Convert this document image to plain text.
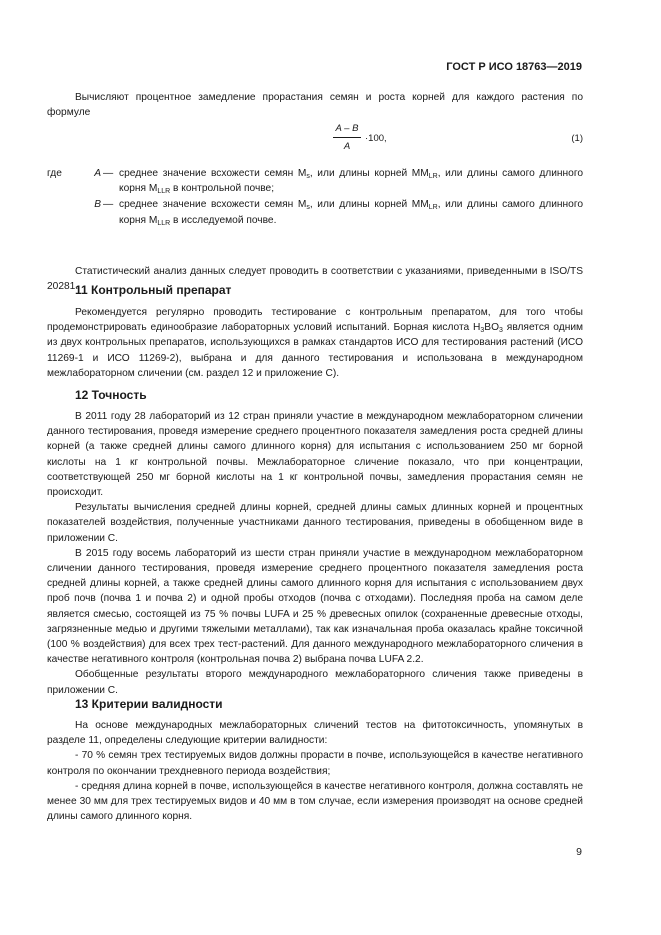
ГОСТ Р ИСО 18763—2019

Вычисляют процентное замедление прорастания семян и роста корней для каждого растения по формуле

$\frac{A - B}{A} \cdot 100$,	(1)
где	A — среднее значение всхожести семян $M_s$, или длины корней $MM_{LR}$, или длины самого длинного корня $M_{LLR}$ в контрольной почве;

B — среднее значение всхожести семян $M_s$, или длины корней $MM_{LR}$, или длины самого длинного корня $M_{LLR}$ в исследуемой почве.

Статистический анализ данных следует проводить в соответствии с указаниями, приведенными в ISO/TS 20281.

11 Контрольный препарат

Рекомендуется регулярно проводить тестирование с контрольным препаратом, для того чтобы продемонстрировать единообразие лабораторных условий испытаний. Борная кислота $H_3BO_3$ является одним из двух контрольных препаратов, использующихся в рамках стандартов ИСО для тестирования растений (ИСО 11269-1 и ИСО 11269-2), выбрана и для данного тестирования и использована в международном межлабораторном сличении (см. раздел 12 и приложение С).

12 Точность

В 2011 году 28 лабораторий из 12 стран приняли участие в международном межлабораторном сличении данного тестирования, проведя измерение среднего процентного показателя замедления роста средней длины корней (а также средней длины самого длинного корня) для испытания с использованием 250 мг борной кислоты на 1 кг контрольной почвы. Межлабораторное сличение показало, что при концентрации, соответствующей 250 мг борной кислоты на 1 кг контрольной почвы, замедления прорастания семян не происходит.

Результаты вычисления средней длины корней, средней длины самых длинных корней и процентных показателей воздействия, полученные участниками данного тестирования, приведены в обобщенном виде в приложении С.

В 2015 году восемь лабораторий из шести стран приняли участие в международном межлабораторном сличении данного тестирования, проведя измерение среднего процентного показателя замедления роста средней длины корней, а также средней длины самого длинного корня для испытания с использованием двух проб почв (почва 1 и почва 2) и одной пробы отходов (почва с отходами). Последняя проба на самом деле является смесью, состоящей из 75 % почвы LUFA и 25 % древесных опилок (сохраненные древесные отходы, загрязненные медью и другими тяжелыми металлами), так как изначальная проба оказалась крайне токсичной (100 % воздействия) для всех трех тест-растений. Для данного международного межлабораторного сличения в качестве негативного контроля (контрольная почва 2) выбрана почва LUFA 2.2.

Обобщенные результаты второго международного межлабораторного сличения также приведены в приложении С.

13 Критерии валидности

На основе международных межлабораторных сличений тестов на фитотоксичность, упомянутых в разделе 11, определены следующие критерии валидности:

- 70 % семян трех тестируемых видов должны прорасти в почве, использующейся в качестве негативного контроля по окончании трехдневного периода воздействия;

- средняя длина корней в почве, использующейся в качестве негативного контроля, должна составлять не менее 30 мм для трех тестируемых видов и 40 мм в том случае, если измерения производят на основе средней длины самого длинного корня.

9
